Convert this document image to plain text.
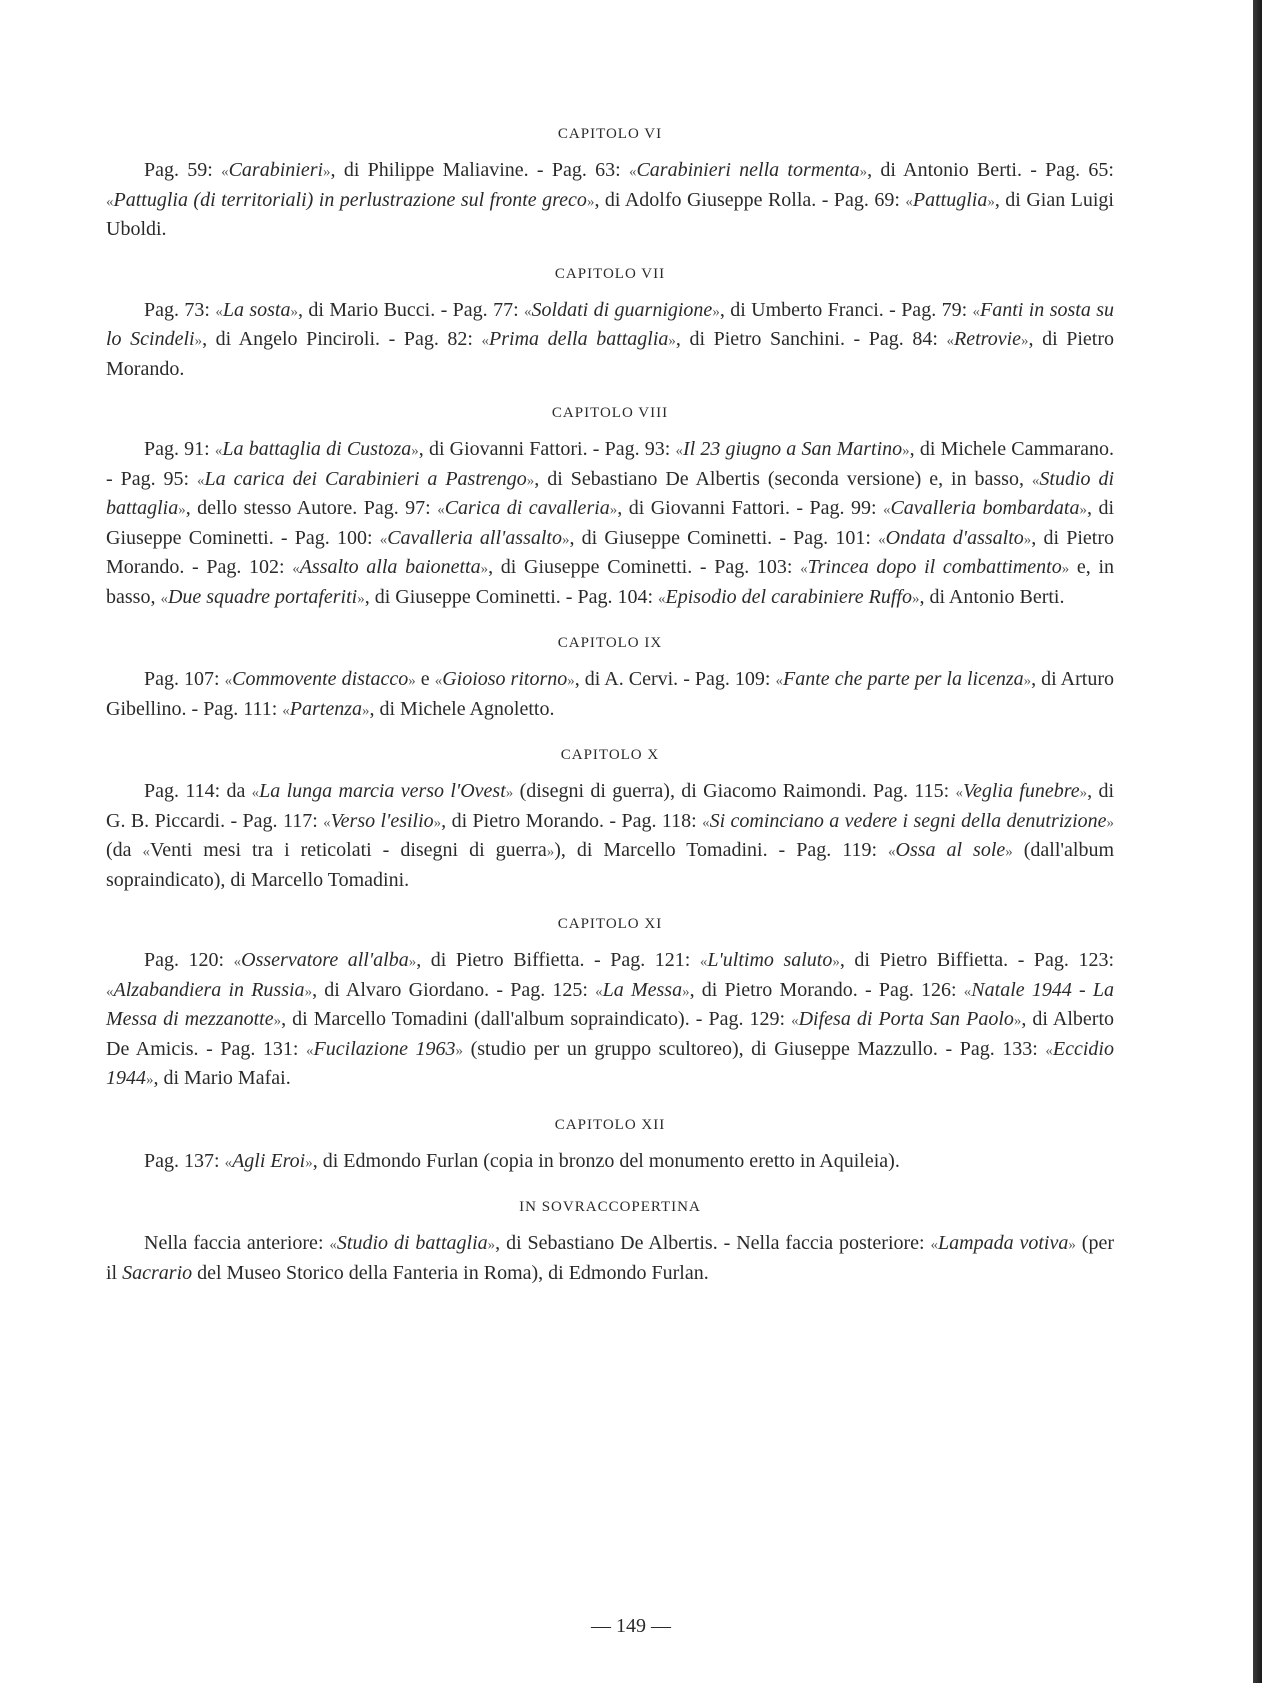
CAPITOLO VI

Pag. 59: «Carabinieri», di Philippe Maliavine. - Pag. 63: «Carabinieri nella tormenta», di Antonio Berti. - Pag. 65: «Pattuglia (di territoriali) in perlustrazione sul fronte greco», di Adolfo Giuseppe Rolla. - Pag. 69: «Pattuglia», di Gian Luigi Uboldi.

CAPITOLO VII

Pag. 73: «La sosta», di Mario Bucci. - Pag. 77: «Soldati di guarnigione», di Umberto Franci. - Pag. 79: «Fanti in sosta su lo Scindeli», di Angelo Pinciroli. - Pag. 82: «Prima della battaglia», di Pietro Sanchini. - Pag. 84: «Retrovie», di Pietro Morando.

CAPITOLO VIII

Pag. 91: «La battaglia di Custoza», di Giovanni Fattori. - Pag. 93: «Il 23 giugno a San Martino», di Michele Cammarano. - Pag. 95: «La carica dei Carabinieri a Pastrengo», di Sebastiano De Albertis (seconda versione) e, in basso, «Studio di battaglia», dello stesso Autore. Pag. 97: «Carica di cavalleria», di Giovanni Fattori. - Pag. 99: «Cavalleria bombardata», di Giuseppe Cominetti. - Pag. 100: «Cavalleria all'assalto», di Giuseppe Cominetti. - Pag. 101: «Ondata d'assalto», di Pietro Morando. - Pag. 102: «Assalto alla baionetta», di Giuseppe Cominetti. - Pag. 103: «Trincea dopo il combattimento» e, in basso, «Due squadre portaferiti», di Giuseppe Cominetti. - Pag. 104: «Episodio del carabiniere Ruffo», di Antonio Berti.

CAPITOLO IX

Pag. 107: «Commovente distacco» e «Gioioso ritorno», di A. Cervi. - Pag. 109: «Fante che parte per la licenza», di Arturo Gibellino. - Pag. 111: «Partenza», di Michele Agnoletto.

CAPITOLO X

Pag. 114: da «La lunga marcia verso l'Ovest» (disegni di guerra), di Giacomo Raimondi. Pag. 115: «Veglia funebre», di G. B. Piccardi. - Pag. 117: «Verso l'esilio», di Pietro Morando. - Pag. 118: «Si cominciano a vedere i segni della denutrizione» (da «Venti mesi tra i reticolati - disegni di guerra»), di Marcello Tomadini. - Pag. 119: «Ossa al sole» (dall'album sopraindicato), di Marcello Tomadini.

CAPITOLO XI

Pag. 120: «Osservatore all'alba», di Pietro Biffietta. - Pag. 121: «L'ultimo saluto», di Pietro Biffietta. - Pag. 123: «Alzabandiera in Russia», di Alvaro Giordano. - Pag. 125: «La Messa», di Pietro Morando. - Pag. 126: «Natale 1944 - La Messa di mezzanotte», di Marcello Tomadini (dall'album sopraindicato). - Pag. 129: «Difesa di Porta San Paolo», di Alberto De Amicis. - Pag. 131: «Fucilazione 1963» (studio per un gruppo scultoreo), di Giuseppe Mazzullo. - Pag. 133: «Eccidio 1944», di Mario Mafai.

CAPITOLO XII

Pag. 137: «Agli Eroi», di Edmondo Furlan (copia in bronzo del monumento eretto in Aquileia).

IN SOVRACCOPERTINA

Nella faccia anteriore: «Studio di battaglia», di Sebastiano De Albertis. - Nella faccia posteriore: «Lampada votiva» (per il Sacrario del Museo Storico della Fanteria in Roma), di Edmondo Furlan.

— 149 —
